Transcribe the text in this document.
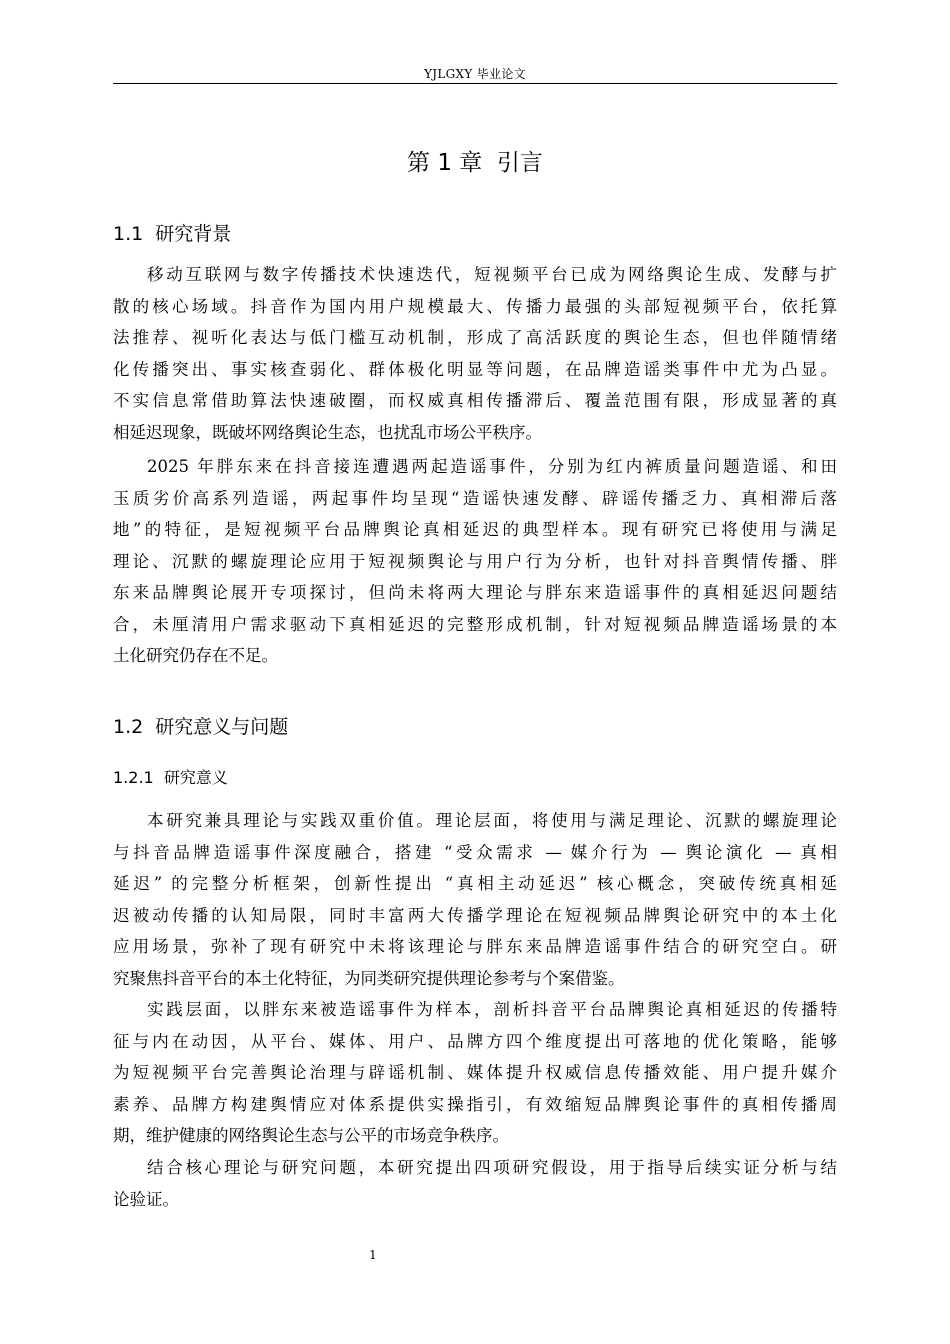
YJLGXY 毕业论文
第 1 章  引言
1.1  研究背景
移动互联网与数字传播技术快速迭代，短视频平台已成为网络舆论生成、发酵与扩
散的核心场域。抖音作为国内用户规模最大、传播力最强的头部短视频平台，依托算
法推荐、视听化表达与低门槛互动机制，形成了高活跃度的舆论生态，但也伴随情绪
化传播突出、事实核查弱化、群体极化明显等问题，在品牌造谣类事件中尤为凸显。
不实信息常借助算法快速破圈，而权威真相传播滞后、覆盖范围有限，形成显著的真
相延迟现象，既破坏网络舆论生态，也扰乱市场公平秩序。
2025 年胖东来在抖音接连遭遇两起造谣事件，分别为红内裤质量问题造谣、和田
玉质劣价高系列造谣，两起事件均呈现“造谣快速发酵、辟谣传播乏力、真相滞后落
地”的特征，是短视频平台品牌舆论真相延迟的典型样本。现有研究已将使用与满足
理论、沉默的螺旋理论应用于短视频舆论与用户行为分析，也针对抖音舆情传播、胖
东来品牌舆论展开专项探讨，但尚未将两大理论与胖东来造谣事件的真相延迟问题结
合，未厘清用户需求驱动下真相延迟的完整形成机制，针对短视频品牌造谣场景的本
土化研究仍存在不足。
1.2  研究意义与问题
1.2.1  研究意义
本研究兼具理论与实践双重价值。理论层面，将使用与满足理论、沉默的螺旋理论
与抖音品牌造谣事件深度融合，搭建 “受众需求 — 媒介行为 — 舆论演化 — 真相
延迟” 的完整分析框架，创新性提出 “真相主动延迟” 核心概念，突破传统真相延
迟被动传播的认知局限，同时丰富两大传播学理论在短视频品牌舆论研究中的本土化
应用场景，弥补了现有研究中未将该理论与胖东来品牌造谣事件结合的研究空白。研
究聚焦抖音平台的本土化特征，为同类研究提供理论参考与个案借鉴。
实践层面，以胖东来被造谣事件为样本，剖析抖音平台品牌舆论真相延迟的传播特
征与内在动因，从平台、媒体、用户、品牌方四个维度提出可落地的优化策略，能够
为短视频平台完善舆论治理与辟谣机制、媒体提升权威信息传播效能、用户提升媒介
素养、品牌方构建舆情应对体系提供实操指引，有效缩短品牌舆论事件的真相传播周
期，维护健康的网络舆论生态与公平的市场竞争秩序。
结合核心理论与研究问题，本研究提出四项研究假设，用于指导后续实证分析与结
论验证。
1
